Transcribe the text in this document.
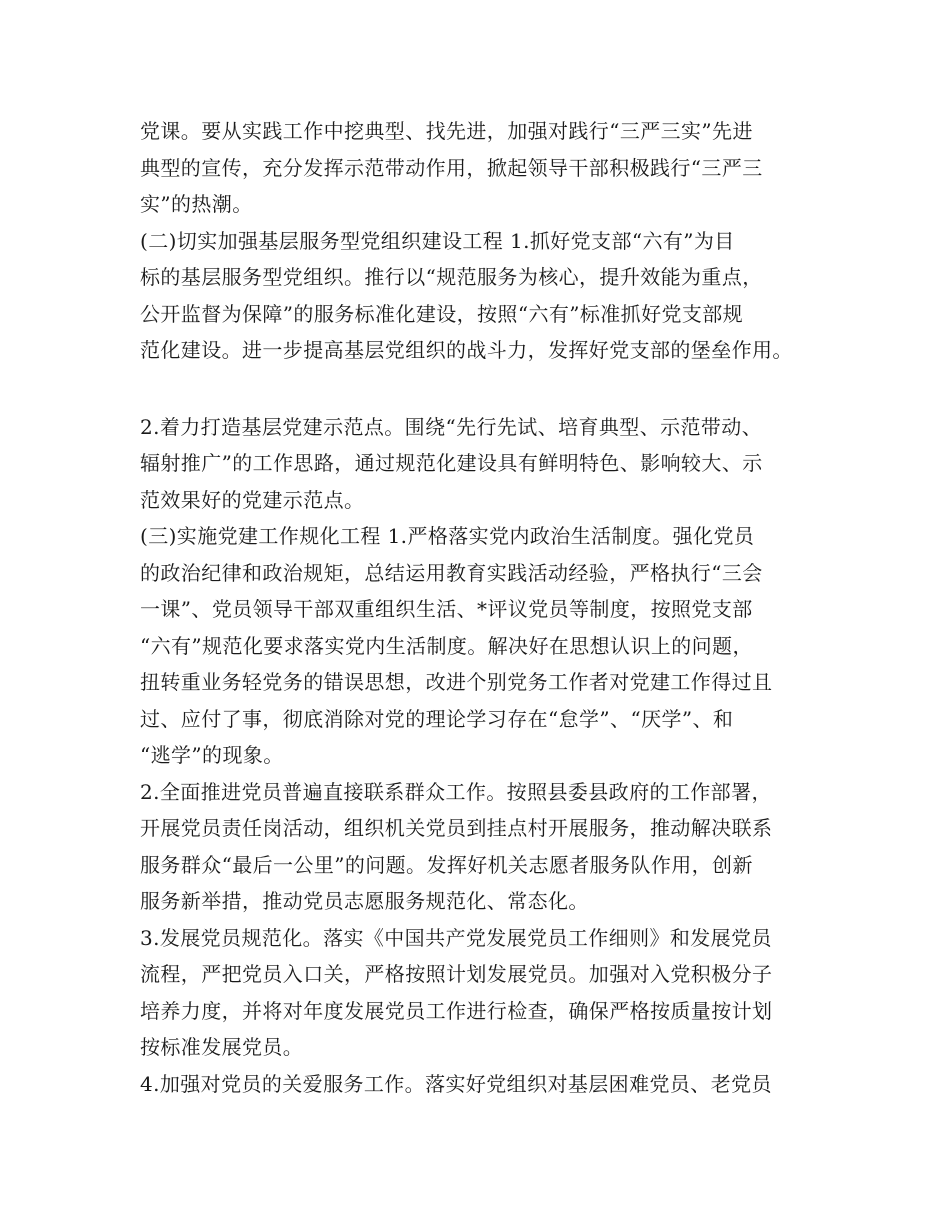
党课。要从实践工作中挖典型、找先进，加强对践行“三严三实”先进
典型的宣传，充分发挥示范带动作用，掀起领导干部积极践行“三严三
实”的热潮。
(二)切实加强基层服务型党组织建设工程 1.抓好党支部“六有”为目
标的基层服务型党组织。推行以“规范服务为核心，提升效能为重点，
公开监督为保障”的服务标准化建设，按照“六有”标准抓好党支部规
范化建设。进一步提高基层党组织的战斗力，发挥好党支部的堡垒作用。
2.着力打造基层党建示范点。围绕“先行先试、培育典型、示范带动、
辐射推广”的工作思路，通过规范化建设具有鲜明特色、影响较大、示
范效果好的党建示范点。
(三)实施党建工作规化工程 1.严格落实党内政治生活制度。强化党员
的政治纪律和政治规矩，总结运用教育实践活动经验，严格执行“三会
一课”、党员领导干部双重组织生活、*评议党员等制度，按照党支部
“六有”规范化要求落实党内生活制度。解决好在思想认识上的问题，
扭转重业务轻党务的错误思想，改进个别党务工作者对党建工作得过且
过、应付了事，彻底消除对党的理论学习存在“怠学”、“厌学”、和
“逃学”的现象。
2.全面推进党员普遍直接联系群众工作。按照县委县政府的工作部署，
开展党员责任岗活动，组织机关党员到挂点村开展服务，推动解决联系
服务群众“最后一公里”的问题。发挥好机关志愿者服务队作用，创新
服务新举措，推动党员志愿服务规范化、常态化。
3.发展党员规范化。落实《中国共产党发展党员工作细则》和发展党员
流程，严把党员入口关，严格按照计划发展党员。加强对入党积极分子
培养力度，并将对年度发展党员工作进行检查，确保严格按质量按计划
按标准发展党员。
4.加强对党员的关爱服务工作。落实好党组织对基层困难党员、老党员
